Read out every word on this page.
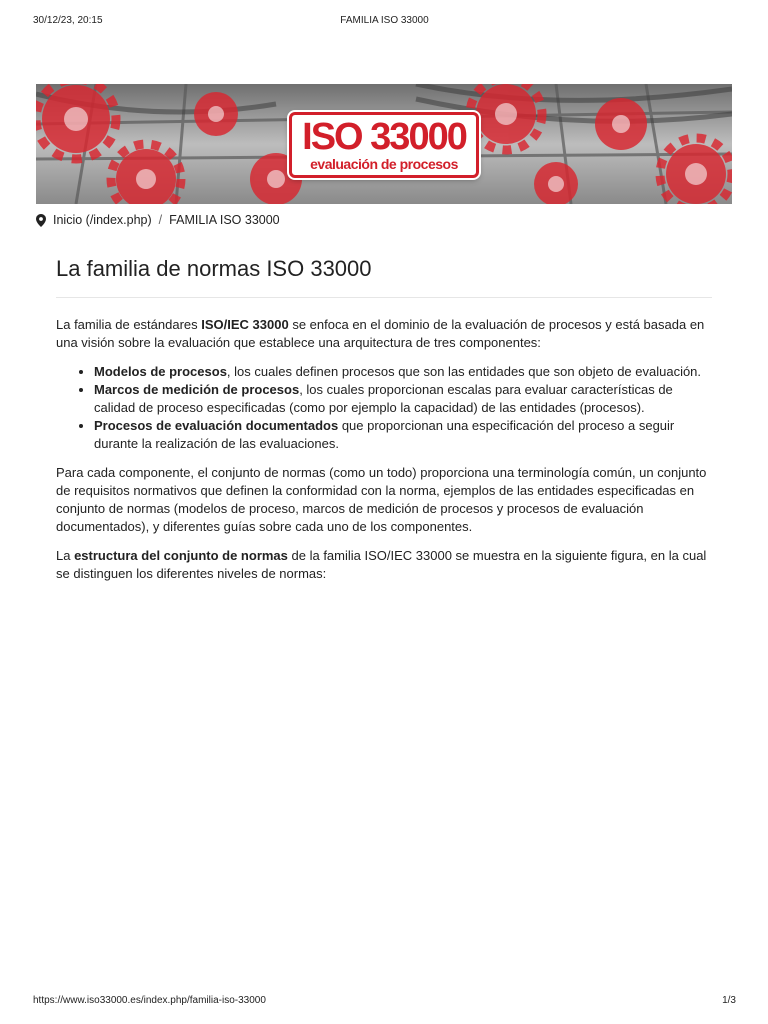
30/12/23, 20:15	FAMILIA ISO 33000
ISO 33000
evaluación de procesos
Inicio (/index.php) / FAMILIA ISO 33000
La familia de normas ISO 33000

La familia de estándares ISO/IEC 33000 se enfoca en el dominio de la evaluación de procesos y está basada en una visión sobre la evaluación que establece una arquitectura de tres componentes:

• Modelos de procesos, los cuales definen procesos que son las entidades que son objeto de evaluación.
• Marcos de medición de procesos, los cuales proporcionan escalas para evaluar características de calidad de proceso especificadas (como por ejemplo la capacidad) de las entidades (procesos).
• Procesos de evaluación documentados que proporcionan una especificación del proceso a seguir durante la realización de las evaluaciones.

Para cada componente, el conjunto de normas (como un todo) proporciona una terminología común, un conjunto de requisitos normativos que definen la conformidad con la norma, ejemplos de las entidades especificadas en conjunto de normas (modelos de proceso, marcos de medición de procesos y procesos de evaluación documentados), y diferentes guías sobre cada uno de los componentes.

La estructura del conjunto de normas de la familia ISO/IEC 33000 se muestra en la siguiente figura, en la cual se distinguen los diferentes niveles de normas:

https://www.iso33000.es/index.php/familia-iso-33000	1/3
